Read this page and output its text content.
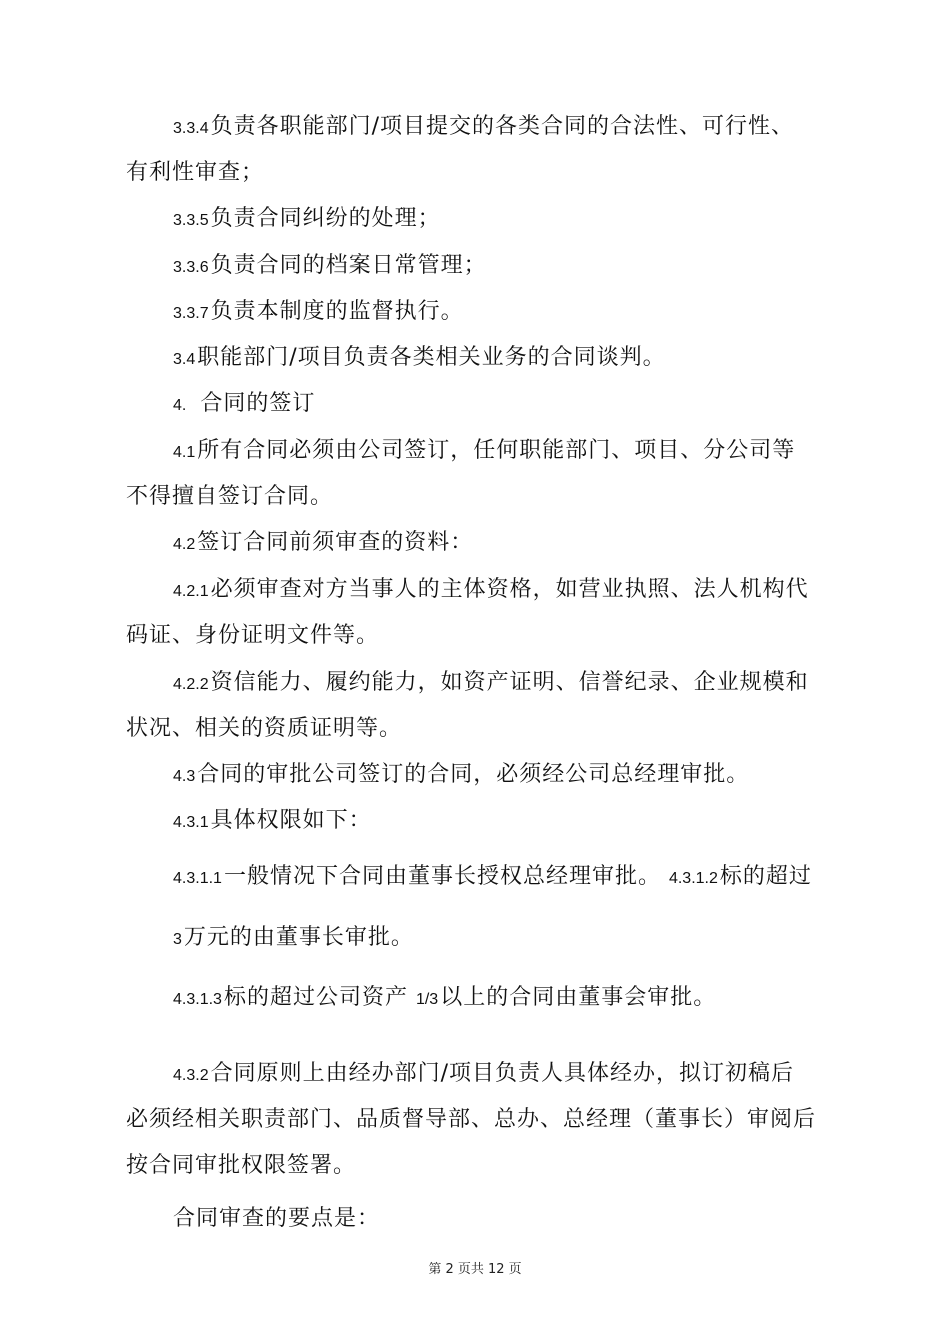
3.3.4负责各职能部门/项目提交的各类合同的合法性、可行性、
有利性审查；
3.3.5负责合同纠纷的处理；
3.3.6负责合同的档案日常管理；
3.3.7负责本制度的监督执行。
3.4职能部门/项目负责各类相关业务的合同谈判。
4. 合同的签订
4.1所有合同必须由公司签订，任何职能部门、项目、分公司等
不得擅自签订合同。
4.2签订合同前须审查的资料：
4.2.1必须审查对方当事人的主体资格，如营业执照、法人机构代
码证、身份证明文件等。
4.2.2资信能力、履约能力，如资产证明、信誉纪录、企业规模和
状况、相关的资质证明等。
4.3合同的审批公司签订的合同，必须经公司总经理审批。
4.3.1具体权限如下：
4.3.1.1一般情况下合同由董事长授权总经理审批。 4.3.1.2标的超过
3万元的由董事长审批。
4.3.1.3标的超过公司资产 1/3以上的合同由董事会审批。
4.3.2合同原则上由经办部门/项目负责人具体经办，拟订初稿后
必须经相关职责部门、品质督导部、总办、总经理（董事长）审阅后
按合同审批权限签署。
合同审查的要点是：
第 2 页共 12 页
